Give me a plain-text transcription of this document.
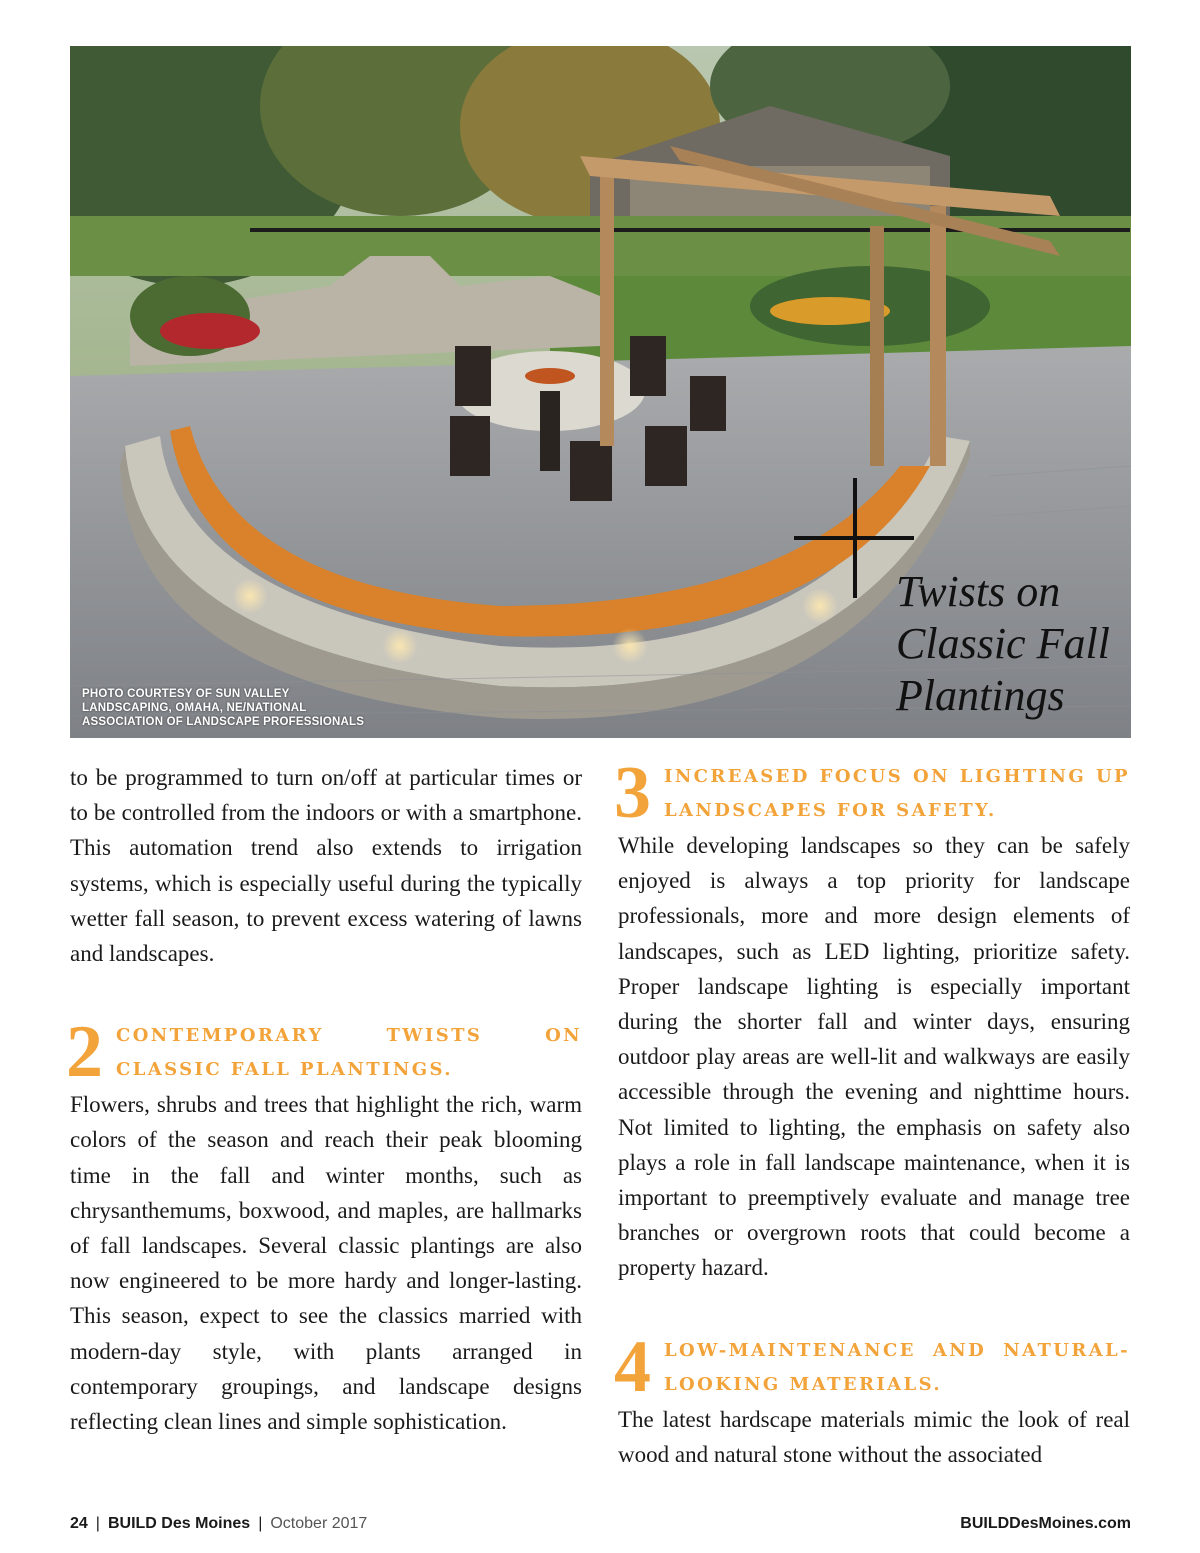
Twists on
Classic Fall
Plantings
PHOTO COURTESY OF SUN VALLEY LANDSCAPING, OMAHA, NE/NATIONAL ASSOCIATION OF LANDSCAPE PROFESSIONALS

to be programmed to turn on/off at particular times or to be controlled from the indoors or with a smartphone. This automation trend also extends to irrigation systems, which is especially useful during the typically wetter fall season, to prevent excess watering of lawns and landscapes.

2 CONTEMPORARY TWISTS ON CLASSIC FALL PLANTINGS.

Flowers, shrubs and trees that highlight the rich, warm colors of the season and reach their peak blooming time in the fall and winter months, such as chrysanthemums, boxwood, and maples, are hallmarks of fall landscapes. Several classic plantings are also now engineered to be more hardy and longer-lasting. This season, expect to see the classics married with modern-day style, with plants arranged in contemporary groupings, and landscape designs reflecting clean lines and simple sophistication.

3 INCREASED FOCUS ON LIGHTING UP LANDSCAPES FOR SAFETY.

While developing landscapes so they can be safely enjoyed is always a top priority for landscape professionals, more and more design elements of landscapes, such as LED lighting, prioritize safety. Proper landscape lighting is especially important during the shorter fall and winter days, ensuring outdoor play areas are well-lit and walkways are easily accessible through the evening and nighttime hours. Not limited to lighting, the emphasis on safety also plays a role in fall landscape maintenance, when it is important to preemptively evaluate and manage tree branches or overgrown roots that could become a property hazard.

4 LOW-MAINTENANCE AND NATURAL-LOOKING MATERIALS.

The latest hardscape materials mimic the look of real wood and natural stone without the associated

24 | BUILD Des Moines | October 2017	BUILDDesMoines.com
